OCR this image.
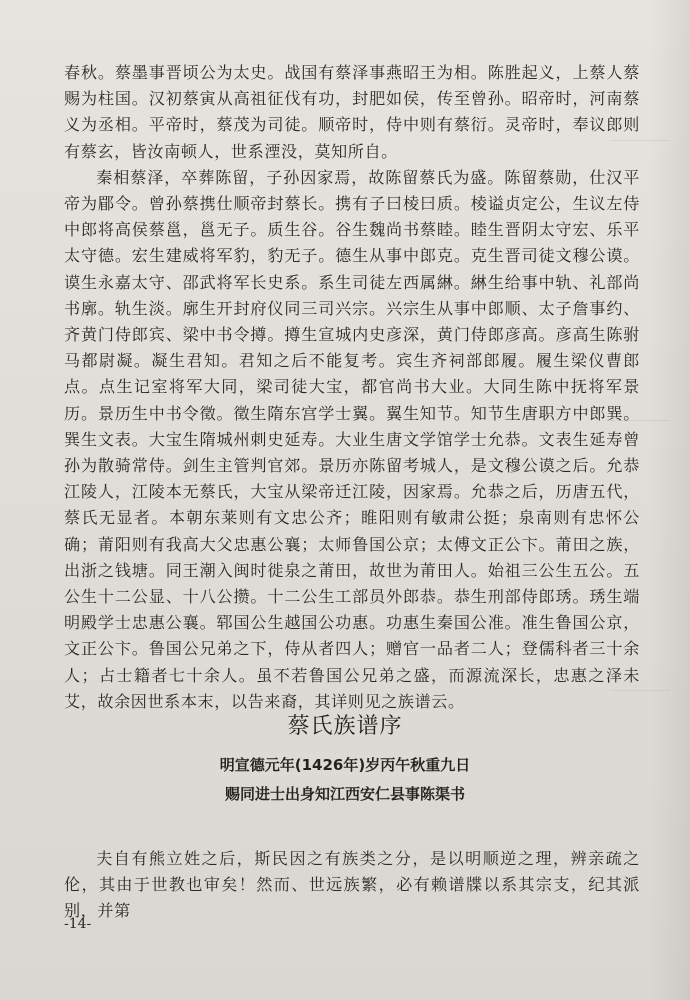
春秋。蔡墨事晋顷公为太史。战国有蔡泽事燕昭王为相。陈胜起义，上蔡人蔡赐为柱国。汉初蔡寅从高祖征伐有功，封肥如侯，传至曾孙。昭帝时，河南蔡义为丞相。平帝时，蔡茂为司徒。顺帝时，侍中则有蔡衍。灵帝时，奉议郎则有蔡玄，皆汝南顿人，世系湮没，莫知所自。

秦相蔡泽，卒葬陈留，子孙因家焉，故陈留蔡氏为盛。陈留蔡勋，仕汉平帝为郿令。曾孙蔡携仕顺帝封蔡长。携有子曰棱曰质。棱谥贞定公，生议左侍中郎将高侯蔡邕，邕无子。质生谷。谷生魏尚书蔡睦。睦生晋阴太守宏、乐平太守德。宏生建威将军豹，豹无子。德生从事中郎克。克生晋司徒文穆公谟。谟生永嘉太守、邵武将军长史系。系生司徒左西属綝。綝生给事中轨、礼部尚书廓。轨生淡。廓生开封府仪同三司兴宗。兴宗生从事中郎顺、太子詹事约、齐黄门侍郎宾、梁中书令撙。撙生宣城内史彦深，黄门侍郎彦高。彦高生陈驸马都尉凝。凝生君知。君知之后不能复考。宾生齐祠部郎履。履生梁仪曹郎点。点生记室将军大同，梁司徒大宝，都官尚书大业。大同生陈中抚将军景历。景历生中书令徵。徵生隋东宫学士翼。翼生知节。知节生唐职方中郎巽。巽生文表。大宝生隋城州刺史延寿。大业生唐文学馆学士允恭。文表生延寿曾孙为散骑常侍。剑生主管判官郊。景历亦陈留考城人，是文穆公谟之后。允恭江陵人，江陵本无蔡氏，大宝从梁帝迁江陵，因家焉。允恭之后，历唐五代，蔡氏无显者。本朝东莱则有文忠公齐；睢阳则有敏肃公挺；泉南则有忠怀公确；莆阳则有我高大父忠惠公襄；太师鲁国公京；太傅文正公卞。莆田之族，出浙之钱塘。同王潮入闽时徙泉之莆田，故世为莆田人。始祖三公生五公。五公生十二公显、十八公攒。十二公生工部员外郎恭。恭生刑部侍郎琇。琇生端明殿学士忠惠公襄。郓国公生越国公功惠。功惠生秦国公准。准生鲁国公京，文正公卞。鲁国公兄弟之下，侍从者四人；赠官一品者二人；登儒科者三十余人；占士籍者七十余人。虽不若鲁国公兄弟之盛，而源流深长，忠惠之泽未艾，故余因世系本末，以告来裔，其详则见之族谱云。

蔡氏族谱序
明宣德元年(1426年)岁丙午秋重九日
赐同进士出身知江西安仁县事陈渠书

夫自有熊立姓之后，斯民因之有族类之分，是以明顺逆之理，辨亲疏之伦，其由于世教也审矣！然而、世远族繁，必有赖谱牒以系其宗支，纪其派别，并第

-14-
